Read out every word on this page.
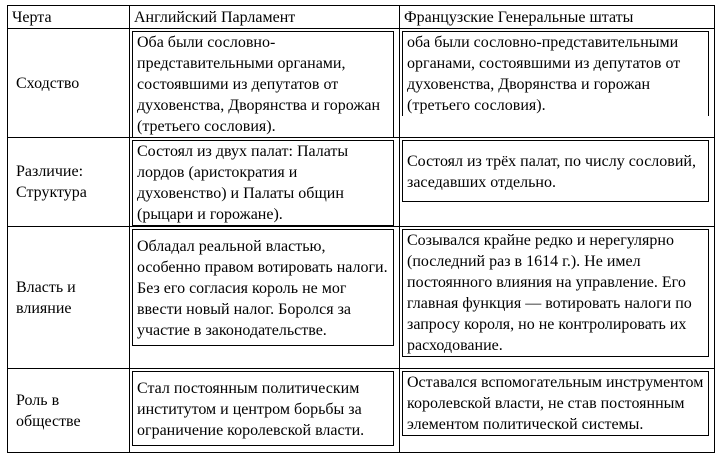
Черта	Английский Парламент	Французские Генеральные штаты

Сходство	Оба были сословно-представительными органами, состоявшими из депутатов от духовенства, Дворянства и горожан (третьего сословия).	оба были сословно-представительными органами, состоявшими из депутатов от духовенства, Дворянства и горожан (третьего сословия).

Различие:
Структура	Состоял из двух палат: Палаты лордов (аристократия и духовенство) и Палаты общин (рыцари и горожане).	Состоял из трёх палат, по числу сословий, заседавших отдельно.

Власть и
влияние	Обладал реальной властью, особенно правом вотировать налоги. Без его согласия король не мог ввести новый налог. Боролся за участие в законодательстве.	Созывался крайне редко и нерегулярно (последний раз в 1614 г.). Не имел постоянного влияния на управление. Его главная функция — вотировать налоги по запросу короля, но не контролировать их расходование.

Роль в
обществе	Стал постоянным политическим институтом и центром борьбы за ограничение королевской власти.	Оставался вспомогательным инструментом королевской власти, не став постоянным элементом политической системы.
